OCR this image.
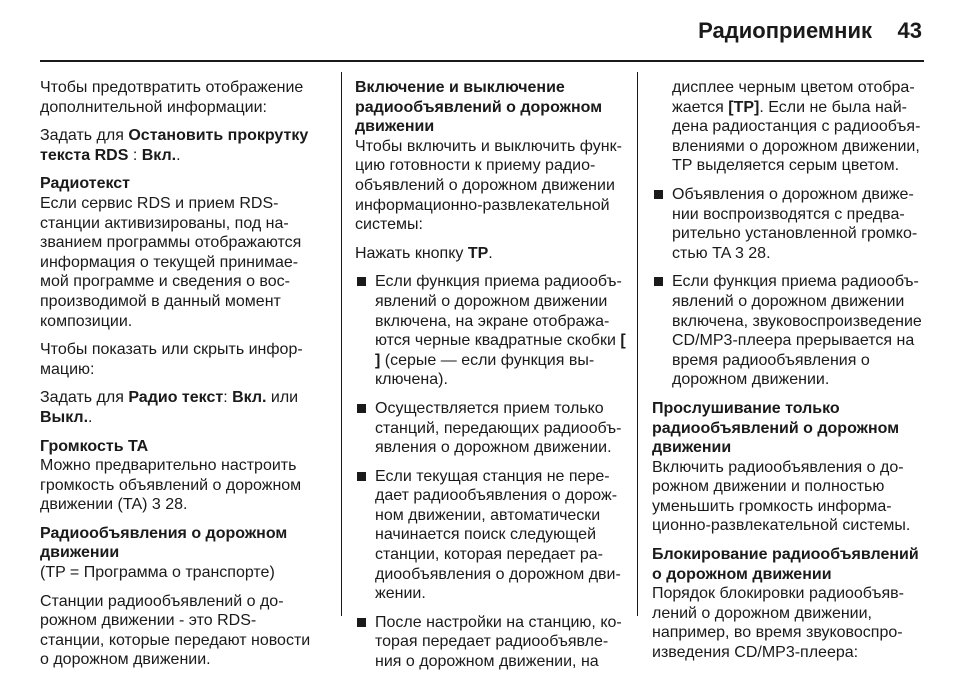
Радиоприемник 43

Чтобы предотвратить отображение дополнительной информации:

Задать для Остановить прокрутку текста RDS : Вкл..

Радиотекст

Если сервис RDS и прием RDS-станции активизированы, под названием программы отображаются информация о текущей принимаемой программе и сведения о воспроизводимой в данный момент композиции.

Чтобы показать или скрыть информацию:

Задать для Радио текст: Вкл. или Выкл..

Громкость TA

Можно предварительно настроить громкость объявлений о дорожном движении (TA) 3 28.

Радиообъявления о дорожном движении

(TP = Программа о транспорте)

Станции радиообъявлений о дорожном движении - это RDS-станции, которые передают новости о дорожном движении.

Включение и выключение радиообъявлений о дорожном движении

Чтобы включить и выключить функцию готовности к приему радиообъявлений о дорожном движении информационно-развлекательной системы:

Нажать кнопку TP.

Если функция приема радиообъявлений о дорожном движении включена, на экране отображаются черные квадратные скобки [ ] (серые — если функция выключена).
Осуществляется прием только станций, передающих радиообъявления о дорожном движении.
Если текущая станция не передает радиообъявления о дорожном движении, автоматически начинается поиск следующей станции, которая передает радиообъявления о дорожном движении.
После настройки на станцию, которая передает радиообъявления о дорожном движении, на

дисплее черным цветом отображается [TP]. Если не была найдена радиостанция с радиообъявлениями о дорожном движении, TP выделяется серым цветом.

Объявления о дорожном движении воспроизводятся с предварительно установленной громкостью TA 3 28.
Если функция приема радиообъявлений о дорожном движении включена, звуковоспроизведение CD/MP3-плеера прерывается на время радиообъявления о дорожном движении.

Прослушивание только радиообъявлений о дорожном движении

Включить радиообъявления о дорожном движении и полностью уменьшить громкость информационно-развлекательной системы.

Блокирование радиообъявлений о дорожном движении

Порядок блокировки радиообъявлений о дорожном движении, например, во время звуковоспроизведения CD/MP3-плеера:
